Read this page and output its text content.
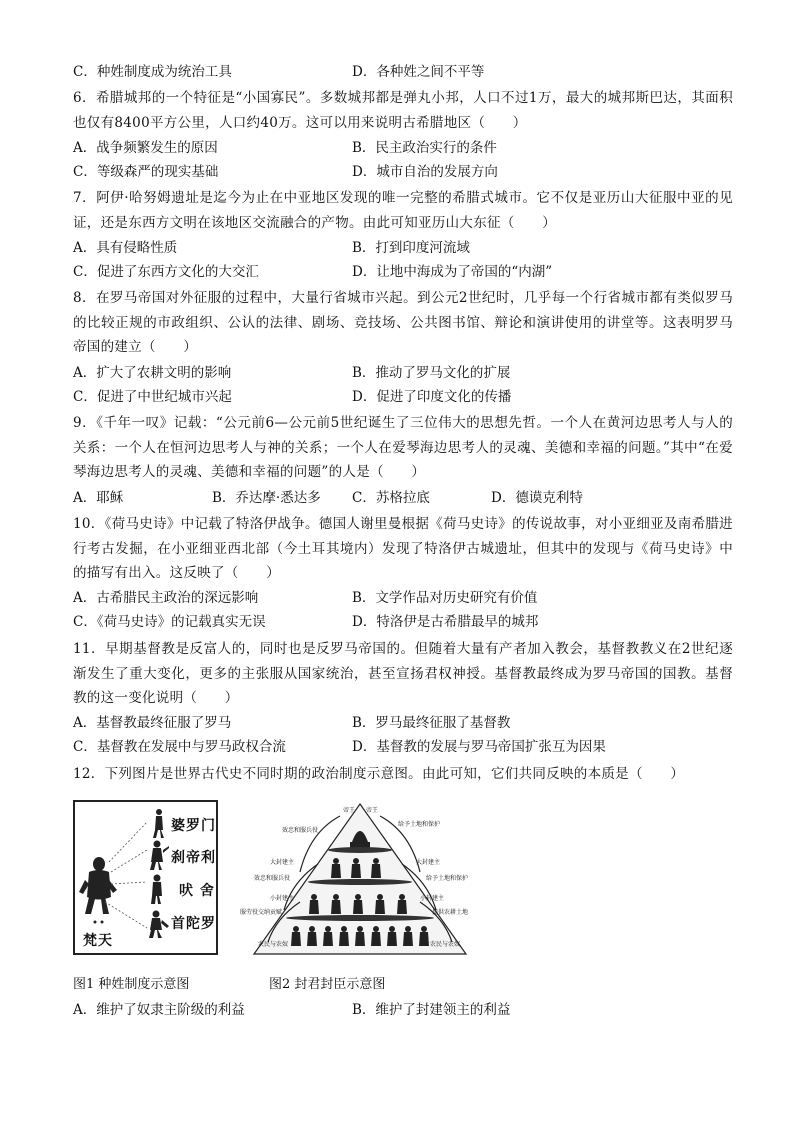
C．种姓制度成为统治工具	D．各种姓之间不平等
6．希腊城邦的一个特征是“小国寡民”。多数城邦都是弹丸小邦，人口不过1万，最大的城邦斯巴达，其面积也仅有8400平方公里，人口约40万。这可以用来说明古希腊地区（　　）
A．战争频繁发生的原因	B．民主政治实行的条件
C．等级森严的现实基础	D．城市自治的发展方向
7．阿伊·哈努姆遗址是迄今为止在中亚地区发现的唯一完整的希腊式城市。它不仅是亚历山大征服中亚的见证，还是东西方文明在该地区交流融合的产物。由此可知亚历山大东征（　　）
A．具有侵略性质	B．打到印度河流域
C．促进了东西方文化的大交汇	D．让地中海成为了帝国的“内湖”
8．在罗马帝国对外征服的过程中，大量行省城市兴起。到公元2世纪时，几乎每一个行省城市都有类似罗马的比较正规的市政组织、公认的法律、剧场、竞技场、公共图书馆、辩论和演讲使用的讲堂等。这表明罗马帝国的建立（　　）
A．扩大了农耕文明的影响	B．推动了罗马文化的扩展
C．促进了中世纪城市兴起	D．促进了印度文化的传播
9．《千年一叹》记载：“公元前6—公元前5世纪诞生了三位伟大的思想先哲。一个人在黄河边思考人与人的关系：一个人在恒河边思考人与神的关系；一个人在爱琴海边思考人的灵魂、美德和幸福的问题。”其中“在爱琴海边思考人的灵魂、美德和幸福的问题”的人是（　　）
A．耶稣	B．乔达摩·悉达多 C．苏格拉底	D．德谟克利特
10．《荷马史诗》中记载了特洛伊战争。德国人谢里曼根据《荷马史诗》的传说故事，对小亚细亚及南希腊进行考古发掘，在小亚细亚西北部（今土耳其境内）发现了特洛伊古城遗址，但其中的发现与《荷马史诗》中的描写有出入。这反映了（　　）
A．古希腊民主政治的深远影响	B．文学作品对历史研究有价值
C．《荷马史诗》的记载真实无误	D．特洛伊是古希腊最早的城邦
11．早期基督教是反富人的，同时也是反罗马帝国的。但随着大量有产者加入教会，基督教教义在2世纪逐渐发生了重大变化，更多的主张服从国家统治，甚至宣扬君权神授。基督教最终成为罗马帝国的国教。基督教的这一变化说明（　　）
A．基督教最终征服了罗马	B．罗马最终征服了基督教
C．基督教在发展中与罗马政权合流	D．基督教的发展与罗马帝国扩张互为因果
12．下列图片是世界古代史不同时期的政治制度示意图。由此可知，它们共同反映的本质是（　　）
婆罗门
刹帝利
吠 舍
首陀罗
梵天
帝王 帝王
效忠和服兵役
给予土地和保护
大封建主	大封建主
效忠和服兵役	给予土地和保护
小封建主	小封建主
服劳役交纳贡赋	提供农耕土地
农民与农奴	农民与农奴
图1 种姓制度示意图	图2 封君封臣示意图
A．维护了奴隶主阶级的利益	B．维护了封建领主的利益
